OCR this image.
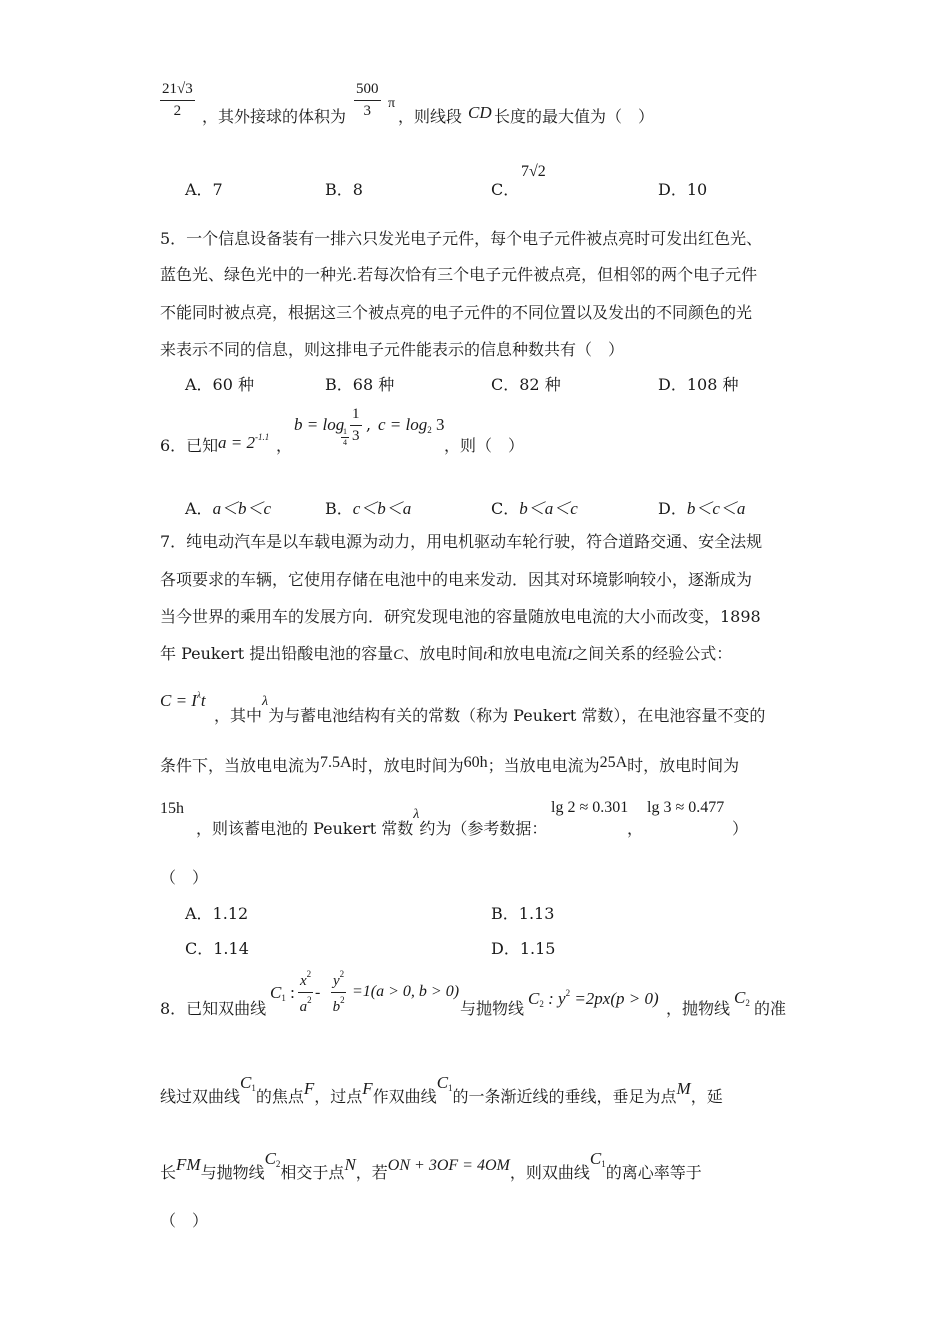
21√3
2 ，其外接球的体积为
500
3 π
，则线段 CD 长度的最大值为（　）
A．7	B．8	C．
7√2
D．10
5．一个信息设备装有一排六只发光电子元件，每个电子元件被点亮时可发出红色光、
蓝色光、绿色光中的一种光.若每次恰有三个电子元件被点亮，但相邻的两个电子元件
不能同时被点亮，根据这三个被点亮的电子元件的不同位置以及发出的不同颜色的光
来表示不同的信息，则这排电子元件能表示的信息种数共有（　）
A．60 种	B．68 种	C．82 种	D．108 种
6．已知 $a = 2^{-1.1}$ ，
b = log
1
4
1
3
, $c = \log_2 3$
，则（　）
A．a＜b＜c	B．c＜b＜a	C．b＜a＜c	D．b＜c＜a
7．纯电动汽车是以车载电源为动力，用电机驱动车轮行驶，符合道路交通、安全法规
各项要求的车辆，它使用存储在电池中的电来发动．因其对环境影响较小，逐渐成为
当今世界的乘用车的发展方向．研究发现电池的容量随放电电流的大小而改变，1898
年 Peukert 提出铅酸电池的容量C、放电时间t和放电电流I之间关系的经验公式：
$C = I^\lambda t$
，其中λ为与蓄电池结构有关的常数（称为 Peukert 常数），在电池容量不变的
条件下，当放电电流为7.5A时，放电时间为60h；当放电电流为25A时，放电时间为
15h
，则该蓄电池的 Peukert 常数λ约为（参考数据：
lg 2 ≈ 0.301
，
lg 3 ≈ 0.477
）
（　）
A．1.12	B．1.13
C．1.14	D．1.15
8．已知双曲线
$C_1$ :
$x^2$
$a^2$ -
$y^2$
$b^2 =1(a > 0$, b > 0)
与抛物线
$C_2$ : $y^2 =2px(p > 0)$
，抛物线
$C_2$ 的准
线过双曲线$C_1$的焦点F，过点F作双曲线$C_1$的一条渐近线的垂线，垂足为点M，延
长FM与抛物线$C_2$相交于点N，若ON + 3OF = 4OM，则双曲线$C_1$的离心率等于
（　）
